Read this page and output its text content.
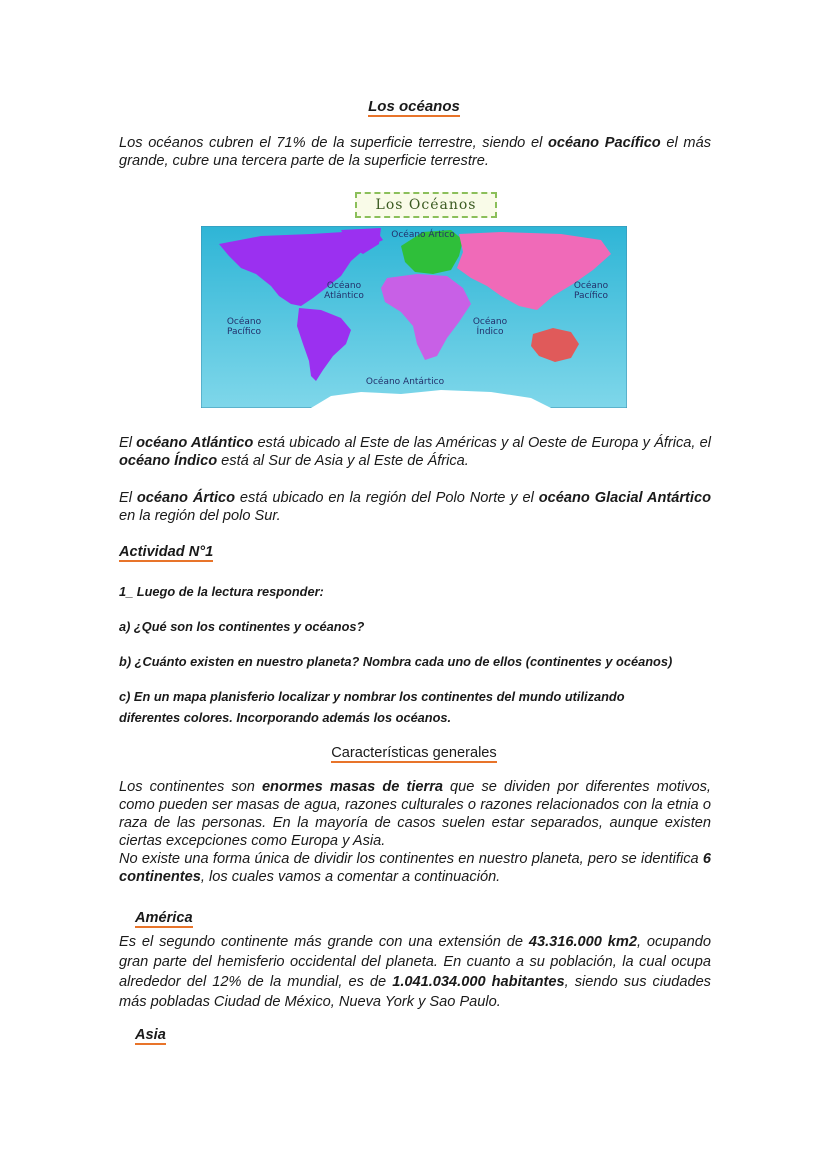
Los océanos
Los océanos cubren el 71% de la superficie terrestre, siendo el océano Pacífico el más grande, cubre una tercera parte de la superficie terrestre.
Los Océanos
Océano Ártico
Océano
Atlántico
Océano
Pacífico
Océano
Pacífico
Océano
Índico
Océano Antártico
El océano Atlántico está ubicado al Este de las Américas y al Oeste de Europa y África, el océano Índico está al Sur de Asia y al Este de África.
El océano Ártico está ubicado en la región del Polo Norte y el océano Glacial Antártico en la región del polo Sur.
Actividad N°1
1_ Luego de la lectura responder:
a) ¿Qué son los continentes y océanos?
b) ¿Cuánto existen en nuestro planeta? Nombra cada uno de ellos (continentes y océanos)
c) En un mapa planisferio localizar y nombrar los continentes del mundo utilizando diferentes colores. Incorporando además los océanos.
Características generales
Los continentes son enormes masas de tierra que se dividen por diferentes motivos, como pueden ser masas de agua, razones culturales o razones relacionados con la etnia o raza de las personas. En la mayoría de casos suelen estar separados, aunque existen ciertas excepciones como Europa y Asia.
No existe una forma única de dividir los continentes en nuestro planeta, pero se identifica 6 continentes, los cuales vamos a comentar a continuación.
América
Es el segundo continente más grande con una extensión de 43.316.000 km2, ocupando gran parte del hemisferio occidental del planeta. En cuanto a su población, la cual ocupa alrededor del 12% de la mundial, es de 1.041.034.000 habitantes, siendo sus ciudades más pobladas Ciudad de México, Nueva York y Sao Paulo.
Asia
